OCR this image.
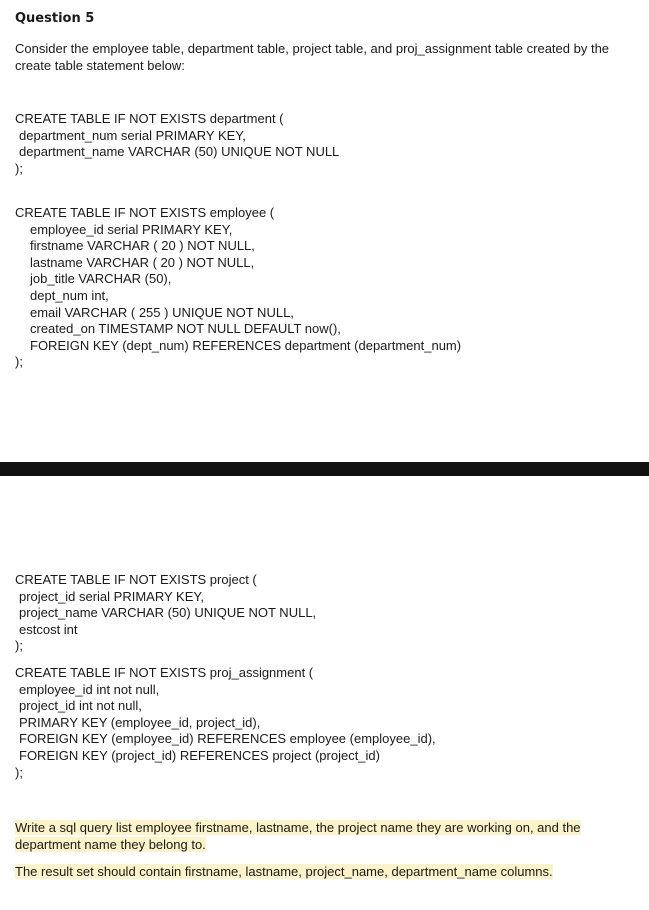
Question 5
Consider the employee table, department table, project table, and proj_assignment table created by the
create table statement below:
CREATE TABLE IF NOT EXISTS department (
department_num serial PRIMARY KEY,
department_name VARCHAR (50) UNIQUE NOT NULL
);
CREATE TABLE IF NOT EXISTS employee (
employee_id serial PRIMARY KEY,
firstname VARCHAR ( 20 ) NOT NULL,
lastname VARCHAR ( 20 ) NOT NULL,
job_title VARCHAR (50),
dept_num int,
email VARCHAR ( 255 ) UNIQUE NOT NULL,
created_on TIMESTAMP NOT NULL DEFAULT now(),
FOREIGN KEY (dept_num) REFERENCES department (department_num)
);
CREATE TABLE IF NOT EXISTS project (
project_id serial PRIMARY KEY,
project_name VARCHAR (50) UNIQUE NOT NULL,
estcost int
);
CREATE TABLE IF NOT EXISTS proj_assignment (
employee_id int not null,
project_id int not null,
PRIMARY KEY (employee_id, project_id),
FOREIGN KEY (employee_id) REFERENCES employee (employee_id),
FOREIGN KEY (project_id) REFERENCES project (project_id)
);
Write a sql query list employee firstname, lastname, the project name they are working on, and the
department name they belong to.
The result set should contain firstname, lastname, project_name, department_name columns.
